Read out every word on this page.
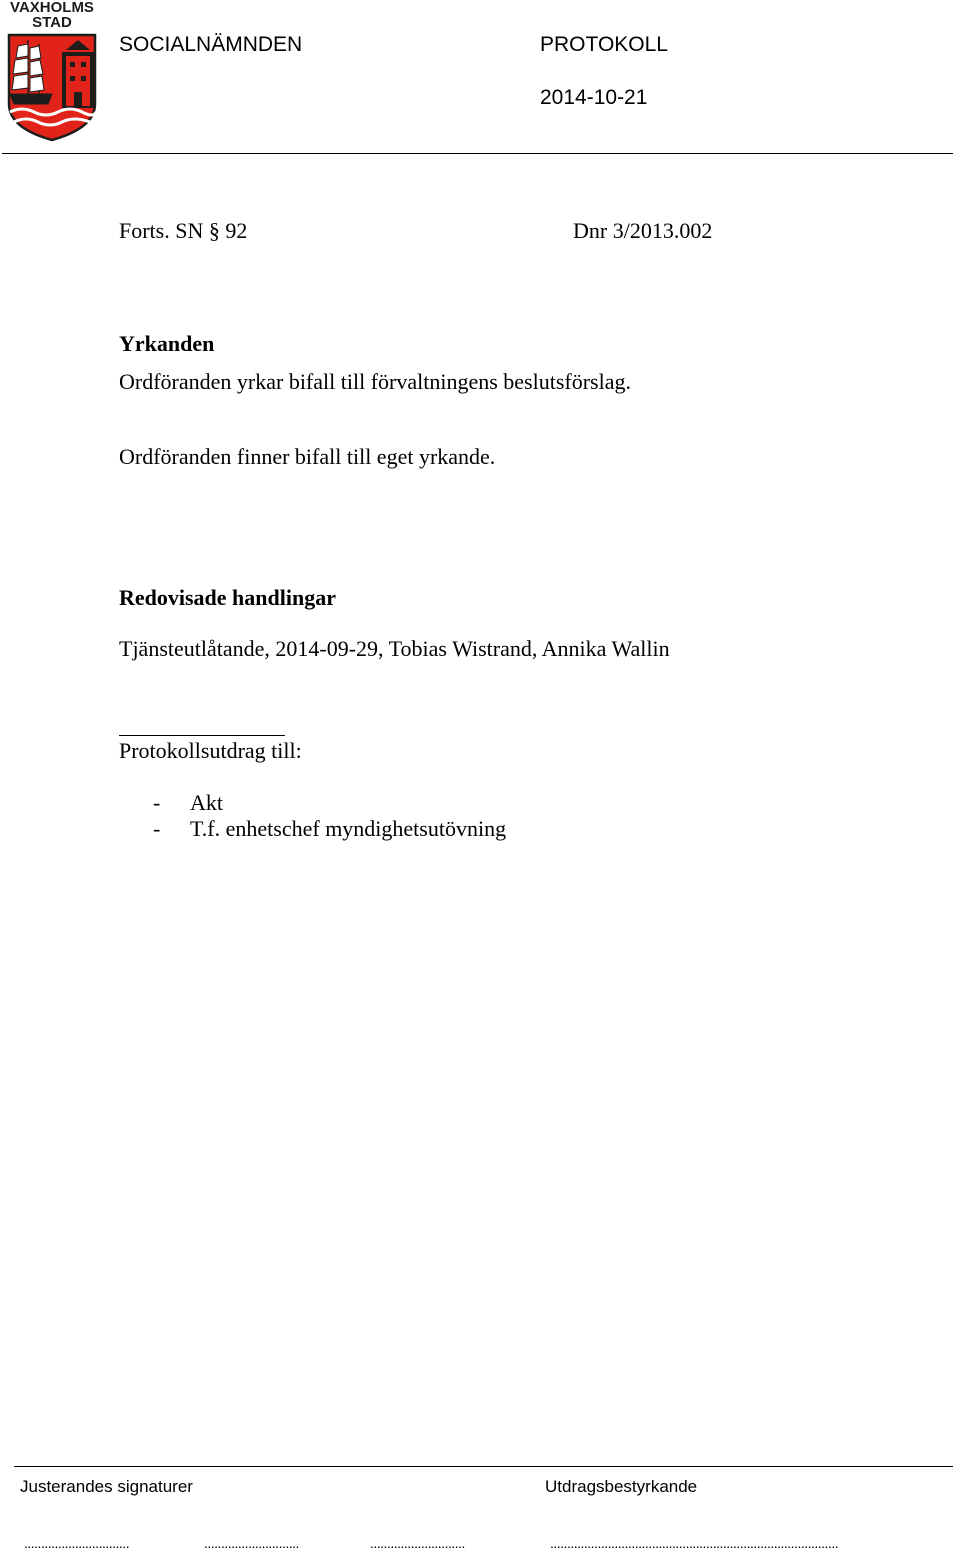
VAXHOLMS
STAD
SOCIALNÄMNDEN	PROTOKOLL
2014-10-21
Forts. SN § 92	Dnr 3/2013.002
Yrkanden
Ordföranden yrkar bifall till förvaltningens beslutsförslag.
Ordföranden finner bifall till eget yrkande.
Redovisade handlingar
Tjänsteutlåtande, 2014-09-29, Tobias Wistrand, Annika Wallin
Protokollsutdrag till:
- Akt
- T.f. enhetschef myndighetsutövning
Justerandes signaturer	Utdragsbestyrkande
...............................	............................	............................	.....................................................................................
